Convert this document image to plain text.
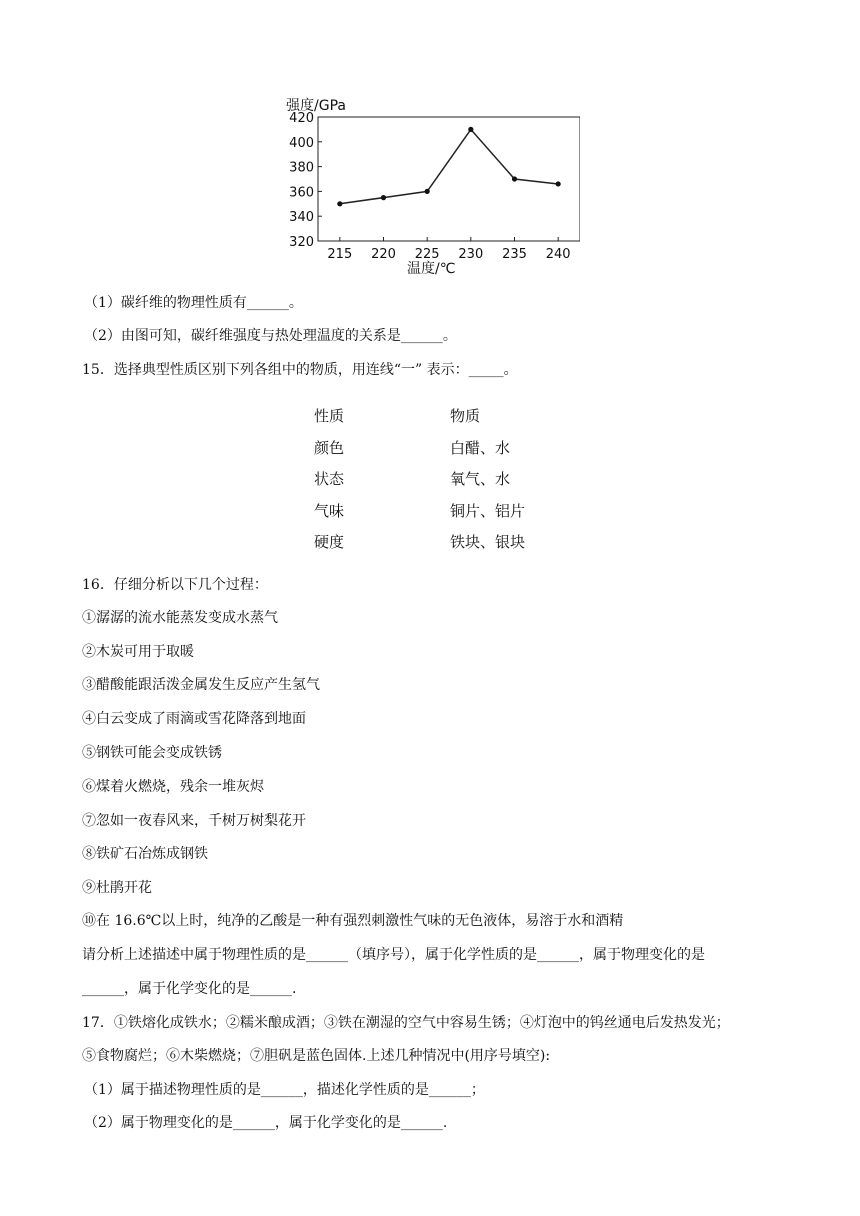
强度/GPa
温度/℃
320
340
360
380
400
420
215 220 225 230 235 240
（1）碳纤维的物理性质有______。
（2）由图可知，碳纤维强度与热处理温度的关系是______。
15．选择典型性质区别下列各组中的物质，用连线“一” 表示：_____。
性质	物质
颜色	白醋、水
状态	氧气、水
气味	铜片、铝片
硬度	铁块、银块
16．仔细分析以下几个过程：
①潺潺的流水能蒸发变成水蒸气
②木炭可用于取暖
③醋酸能跟活泼金属发生反应产生氢气
④白云变成了雨滴或雪花降落到地面
⑤钢铁可能会变成铁锈
⑥煤着火燃烧，残余一堆灰烬
⑦忽如一夜春风来，千树万树梨花开
⑧铁矿石冶炼成钢铁
⑨杜鹃开花
⑩在 16.6℃以上时，纯净的乙酸是一种有强烈刺激性气味的无色液体，易溶于水和酒精
请分析上述描述中属于物理性质的是______（填序号），属于化学性质的是______，属于物理变化的是
______，属于化学变化的是______.
17．①铁熔化成铁水；②糯米酿成酒；③铁在潮湿的空气中容易生锈；④灯泡中的钨丝通电后发热发光；
⑤食物腐烂；⑥木柴燃烧；⑦胆矾是蓝色固体.上述几种情况中(用序号填空):
（1）属于描述物理性质的是______，描述化学性质的是______；
（2）属于物理变化的是______，属于化学变化的是______.
